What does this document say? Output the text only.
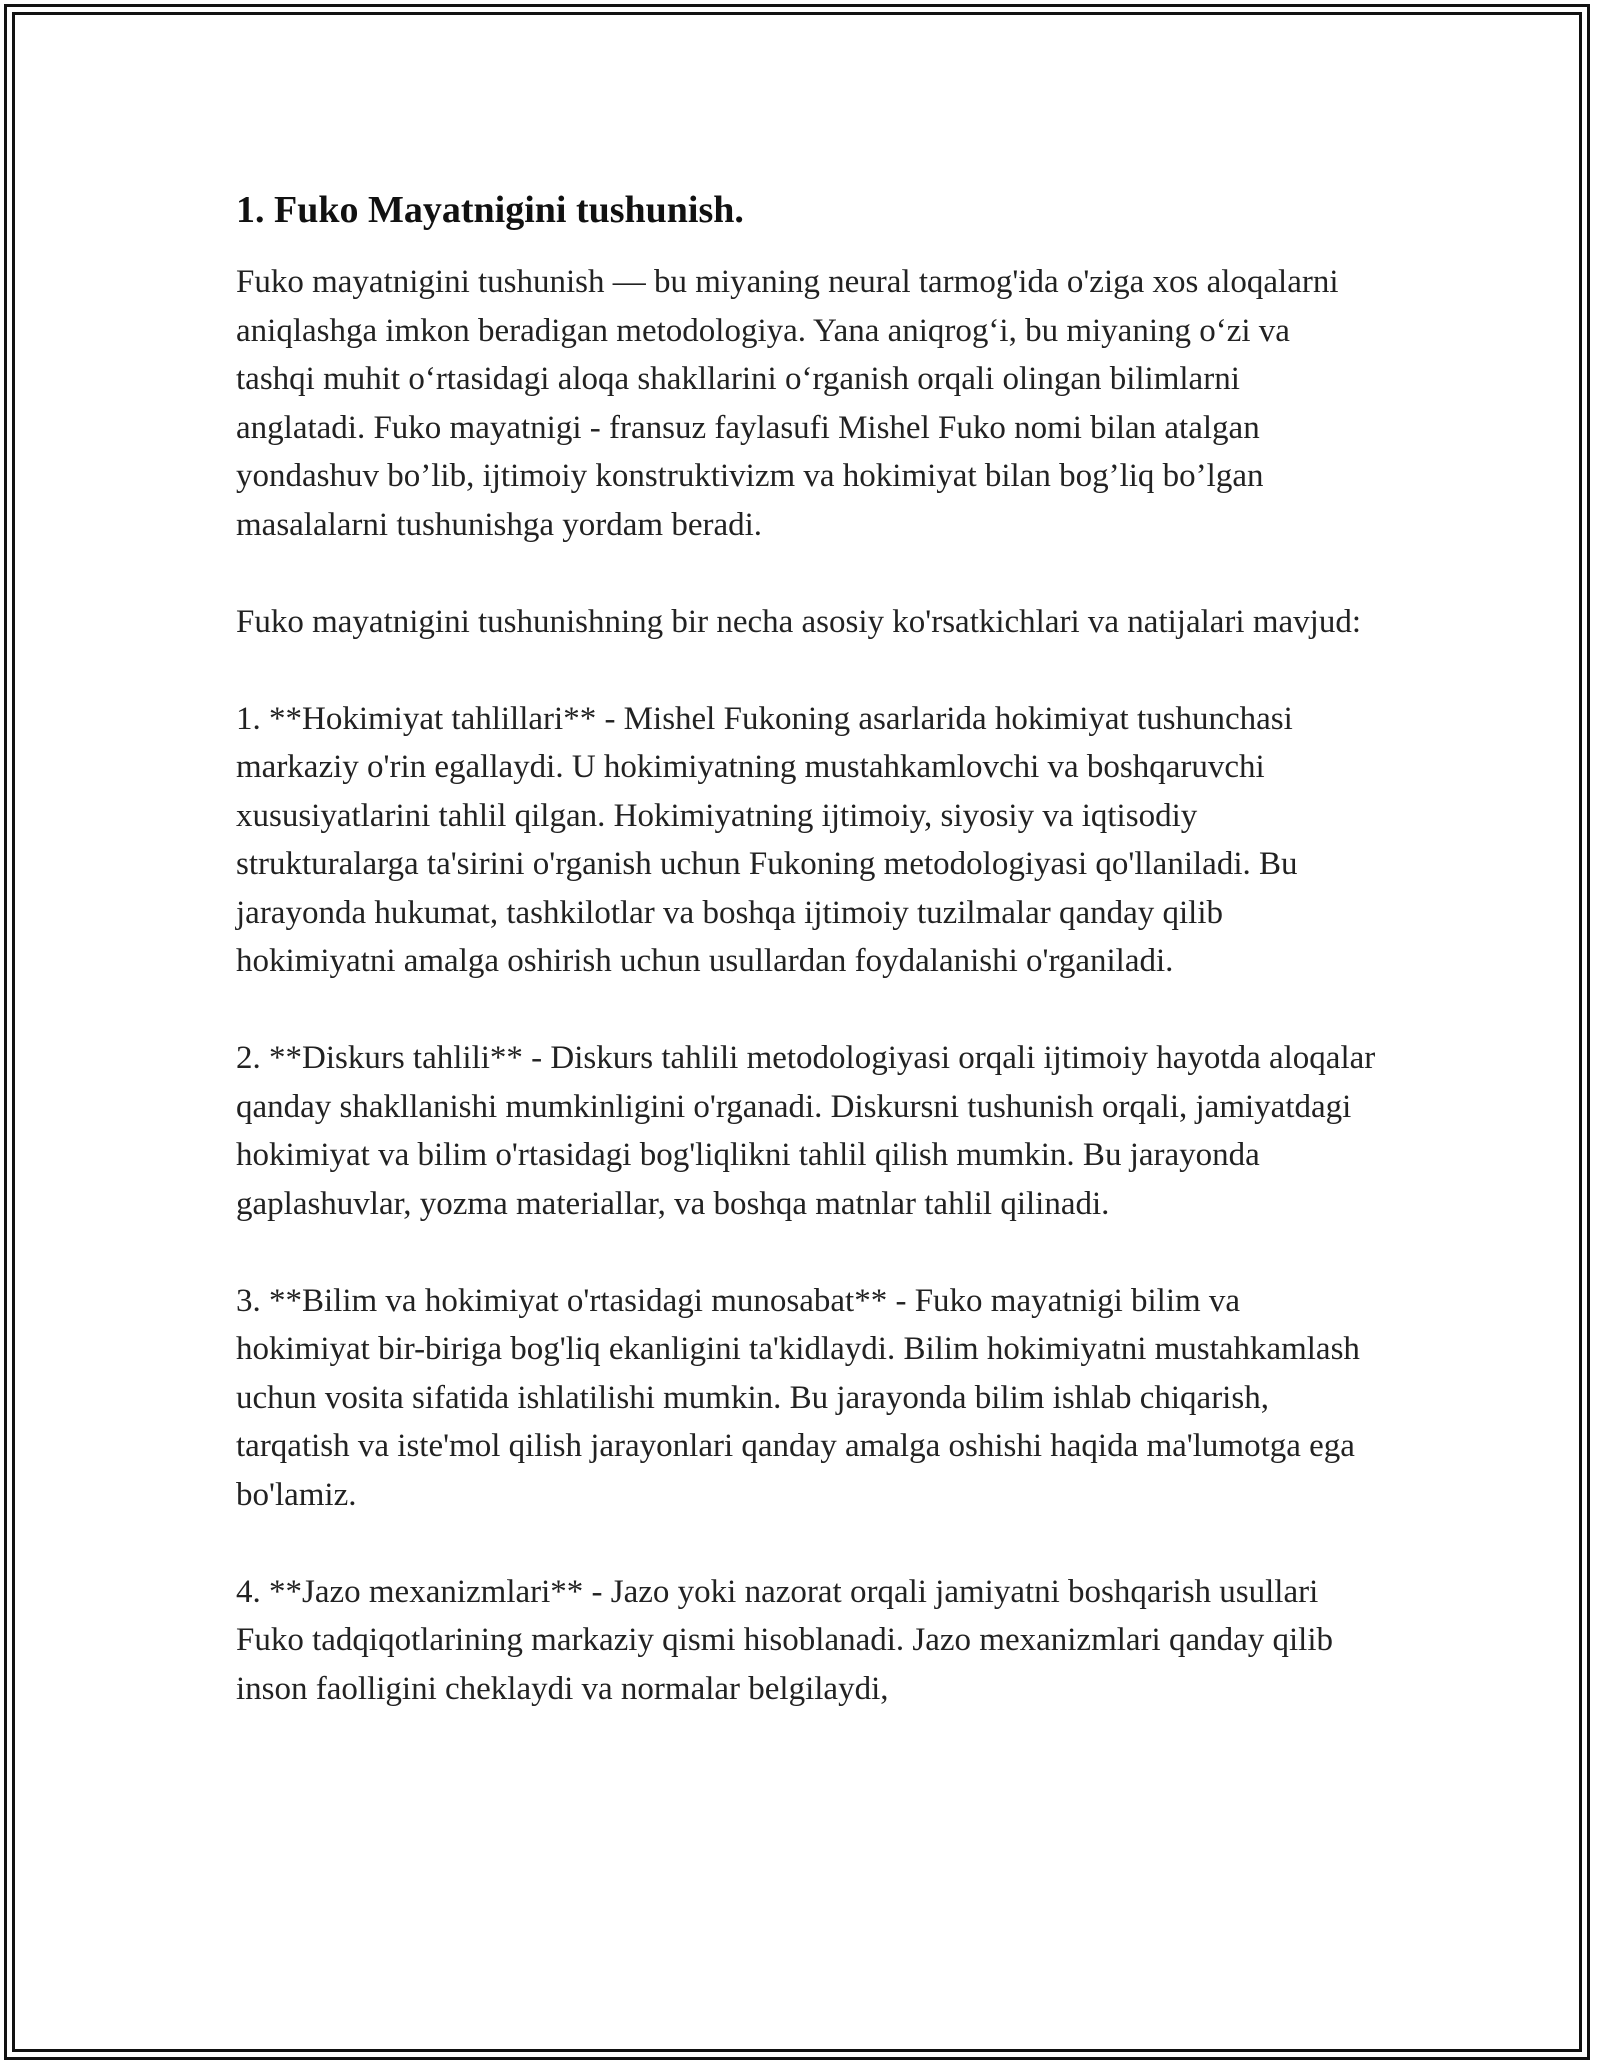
1. Fuko Mayatnigini tushunish.

Fuko mayatnigini tushunish — bu miyaning neural tarmog'ida o'ziga xos aloqalarni aniqlashga imkon beradigan metodologiya. Yana aniqrog‘i, bu miyaning o‘zi va tashqi muhit o‘rtasidagi aloqa shakllarini o‘rganish orqali olingan bilimlarni anglatadi. Fuko mayatnigi - fransuz faylasufi Mishel Fuko nomi bilan atalgan yondashuv bo’lib, ijtimoiy konstruktivizm va hokimiyat bilan bog’liq bo’lgan masalalarni tushunishga yordam beradi.

Fuko mayatnigini tushunishning bir necha asosiy ko'rsatkichlari va natijalari mavjud:

1. **Hokimiyat tahlillari** - Mishel Fukoning asarlarida hokimiyat tushunchasi markaziy o'rin egallaydi. U hokimiyatning mustahkamlovchi va boshqaruvchi xususiyatlarini tahlil qilgan. Hokimiyatning ijtimoiy, siyosiy va iqtisodiy strukturalarga ta'sirini o'rganish uchun Fukoning metodologiyasi qo'llaniladi. Bu jarayonda hukumat, tashkilotlar va boshqa ijtimoiy tuzilmalar qanday qilib hokimiyatni amalga oshirish uchun usullardan foydalanishi o'rganiladi.

2. **Diskurs tahlili** - Diskurs tahlili metodologiyasi orqali ijtimoiy hayotda aloqalar qanday shakllanishi mumkinligini o'rganadi. Diskursni tushunish orqali, jamiyatdagi hokimiyat va bilim o'rtasidagi bog'liqlikni tahlil qilish mumkin. Bu jarayonda gaplashuvlar, yozma materiallar, va boshqa matnlar tahlil qilinadi.

3. **Bilim va hokimiyat o'rtasidagi munosabat** - Fuko mayatnigi bilim va hokimiyat bir-biriga bog'liq ekanligini ta'kidlaydi. Bilim hokimiyatni mustahkamlash uchun vosita sifatida ishlatilishi mumkin. Bu jarayonda bilim ishlab chiqarish, tarqatish va iste'mol qilish jarayonlari qanday amalga oshishi haqida ma'lumotga ega bo'lamiz.

4. **Jazo mexanizmlari** - Jazo yoki nazorat orqali jamiyatni boshqarish usullari Fuko tadqiqotlarining markaziy qismi hisoblanadi. Jazo mexanizmlari qanday qilib inson faolligini cheklaydi va normalar belgilaydi,
